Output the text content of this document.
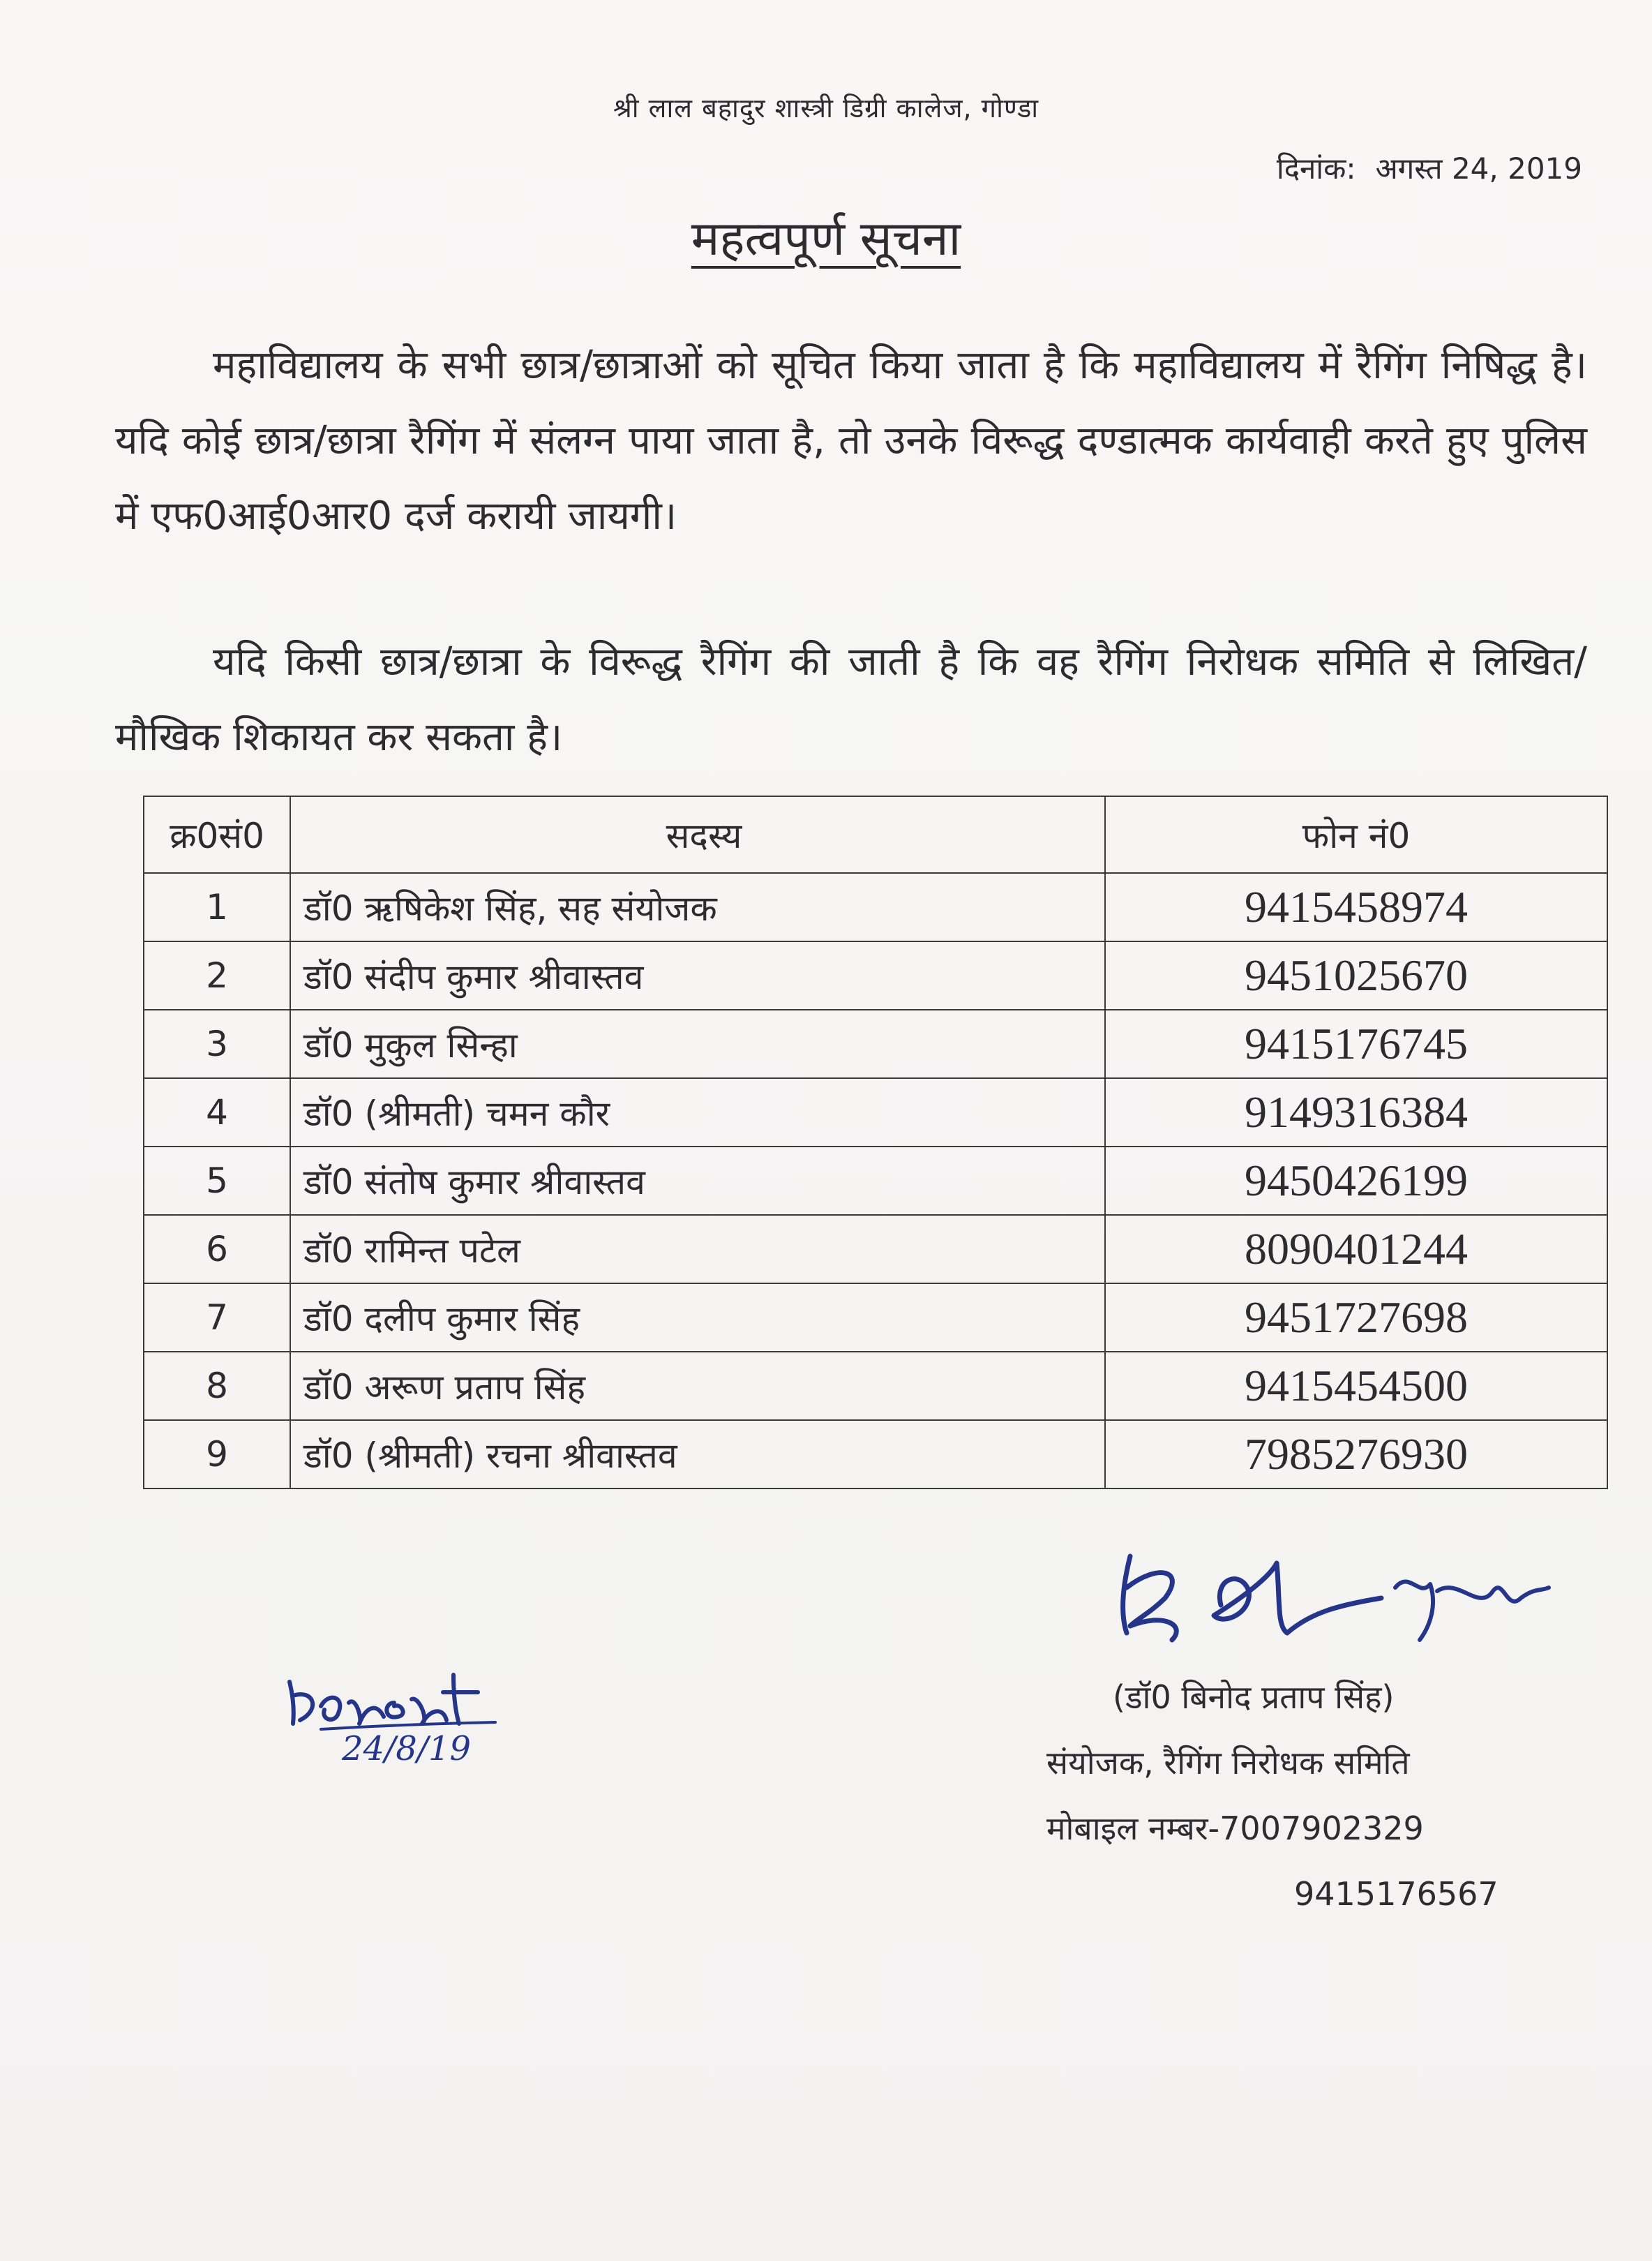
श्री लाल बहादुर शास्त्री डिग्री कालेज, गोण्डा
दिनांक: अगस्त 24, 2019
महत्वपूर्ण सूचना
महाविद्यालय के सभी छात्र/छात्राओं को सूचित किया जाता है कि महाविद्यालय में रैगिंग निषिद्ध है। यदि कोई छात्र/छात्रा रैगिंग में संलग्न पाया जाता है, तो उनके विरूद्ध दण्डात्मक कार्यवाही करते हुए पुलिस में एफ0आई0आर0 दर्ज करायी जायगी।
यदि किसी छात्र/छात्रा के विरूद्ध रैगिंग की जाती है कि वह रैगिंग निरोधक समिति से लिखित/मौखिक शिकायत कर सकता है।
क्र0सं0	सदस्य	फोन नं0
1	डॉ0 ऋषिकेश सिंह, सह संयोजक	9415458974
2	डॉ0 संदीप कुमार श्रीवास्तव	9451025670
3	डॉ0 मुकुल सिन्हा	9415176745
4	डॉ0 (श्रीमती) चमन कौर	9149316384
5	डॉ0 संतोष कुमार श्रीवास्तव	9450426199
6	डॉ0 रामिन्त पटेल	8090401244
7	डॉ0 दलीप कुमार सिंह	9451727698
8	डॉ0 अरूण प्रताप सिंह	9415454500
9	डॉ0 (श्रीमती) रचना श्रीवास्तव	7985276930
24/8/19
(डॉ0 बिनोद प्रताप सिंह)
संयोजक, रैगिंग निरोधक समिति
मोबाइल नम्बर-7007902329
9415176567
